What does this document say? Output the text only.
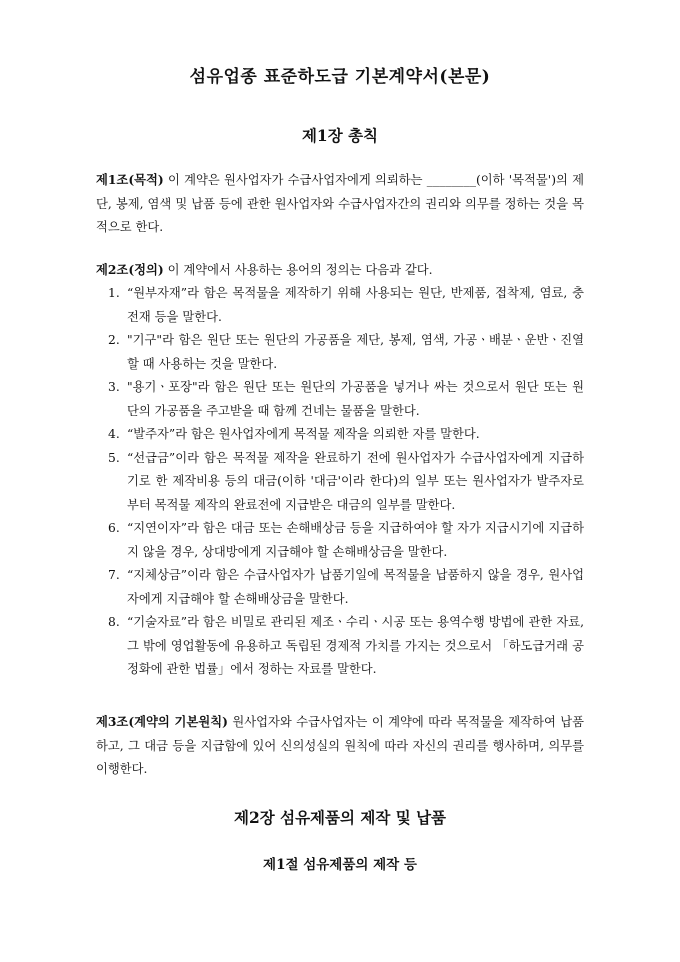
섬유업종 표준하도급 기본계약서(본문)
제1장 총칙

제1조(목적) 이 계약은 원사업자가 수급사업자에게 의뢰하는 ________(이하 '목적물')의 제단, 봉제, 염색 및 납품 등에 관한 원사업자와 수급사업자간의 권리와 의무를 정하는 것을 목적으로 한다.

제2조(정의) 이 계약에서 사용하는 용어의 정의는 다음과 같다.

1. “원부자재”라 함은 목적물을 제작하기 위해 사용되는 원단, 반제품, 접착제, 염료, 충전재 등을 말한다.
2. "기구"라 함은 원단 또는 원단의 가공품을 제단, 봉제, 염색, 가공ㆍ배분ㆍ운반ㆍ진열할 때 사용하는 것을 말한다.
3. "용기ㆍ포장"라 함은 원단 또는 원단의 가공품을 넣거나 싸는 것으로서 원단 또는 원단의 가공품을 주고받을 때 함께 건네는 물품을 말한다.
4. “발주자”라 함은 원사업자에게 목적물 제작을 의뢰한 자를 말한다.
5. “선급금”이라 함은 목적물 제작을 완료하기 전에 원사업자가 수급사업자에게 지급하기로 한 제작비용 등의 대금(이하 '대금'이라 한다)의 일부 또는 원사업자가 발주자로부터 목적물 제작의 완료전에 지급받은 대금의 일부를 말한다.
6. “지연이자”라 함은 대금 또는 손해배상금 등을 지급하여야 할 자가 지급시기에 지급하지 않을 경우, 상대방에게 지급해야 할 손해배상금을 말한다.
7. “지체상금”이라 함은 수급사업자가 납품기일에 목적물을 납품하지 않을 경우, 원사업자에게 지급해야 할 손해배상금을 말한다.
8. “기술자료”라 함은 비밀로 관리된 제조ㆍ수리ㆍ시공 또는 용역수행 방법에 관한 자료, 그 밖에 영업활동에 유용하고 독립된 경제적 가치를 가지는 것으로서 「하도급거래 공정화에 관한 법률」에서 정하는 자료를 말한다.

제3조(계약의 기본원칙) 원사업자와 수급사업자는 이 계약에 따라 목적물을 제작하여 납품하고, 그 대금 등을 지급함에 있어 신의성실의 원칙에 따라 자신의 권리를 행사하며, 의무를 이행한다.

제2장 섬유제품의 제작 및 납품
제1절 섬유제품의 제작 등
